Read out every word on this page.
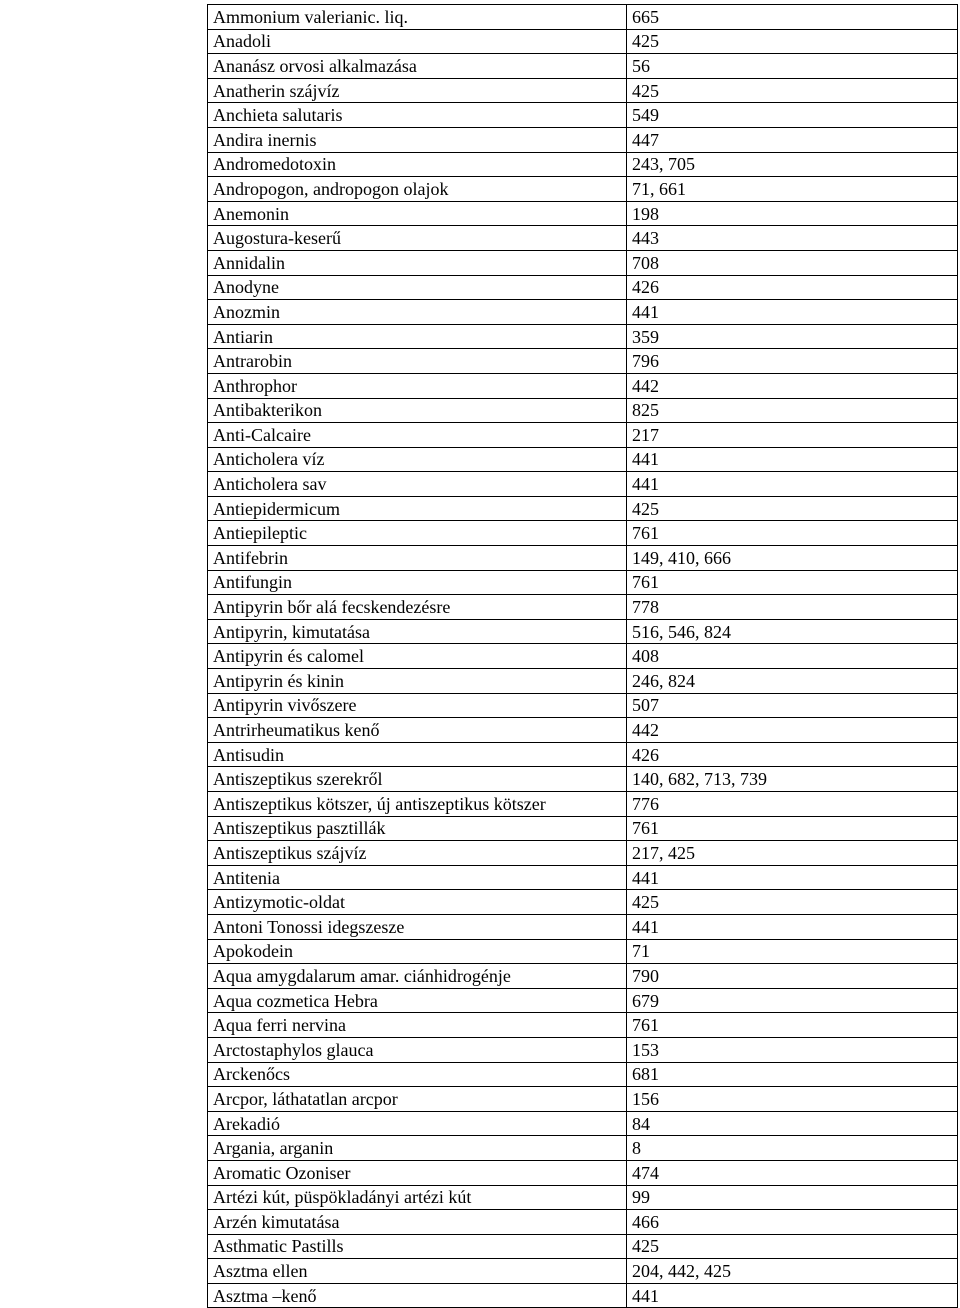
Ammonium valerianic. liq.	665
Anadoli	425
Ananász orvosi alkalmazása	56
Anatherin szájvíz	425
Anchieta salutaris	549
Andira inernis	447
Andromedotoxin	243, 705
Andropogon, andropogon olajok	71, 661
Anemonin	198
Augostura-keserű	443
Annidalin	708
Anodyne	426
Anozmin	441
Antiarin	359
Antrarobin	796
Anthrophor	442
Antibakterikon	825
Anti-Calcaire	217
Anticholera víz	441
Anticholera sav	441
Antiepidermicum	425
Antiepileptic	761
Antifebrin	149, 410, 666
Antifungin	761
Antipyrin bőr alá fecskendezésre	778
Antipyrin, kimutatása	516, 546, 824
Antipyrin és calomel	408
Antipyrin és kinin	246, 824
Antipyrin vivőszere	507
Antrirheumatikus kenő	442
Antisudin	426
Antiszeptikus szerekről	140, 682, 713, 739
Antiszeptikus kötszer, új antiszeptikus kötszer	776
Antiszeptikus pasztillák	761
Antiszeptikus szájvíz	217, 425
Antitenia	441
Antizymotic-oldat	425
Antoni Tonossi idegszesze	441
Apokodein	71
Aqua amygdalarum amar. ciánhidrogénje	790
Aqua cozmetica Hebra	679
Aqua ferri nervina	761
Arctostaphylos glauca	153
Arckenőcs	681
Arcpor, láthatatlan arcpor	156
Arekadió	84
Argania, arganin	8
Aromatic Ozoniser	474
Artézi kút, püspökladányi artézi kút	99
Arzén kimutatása	466
Asthmatic Pastills	425
Asztma ellen	204, 442, 425
Asztma –kenő	441
